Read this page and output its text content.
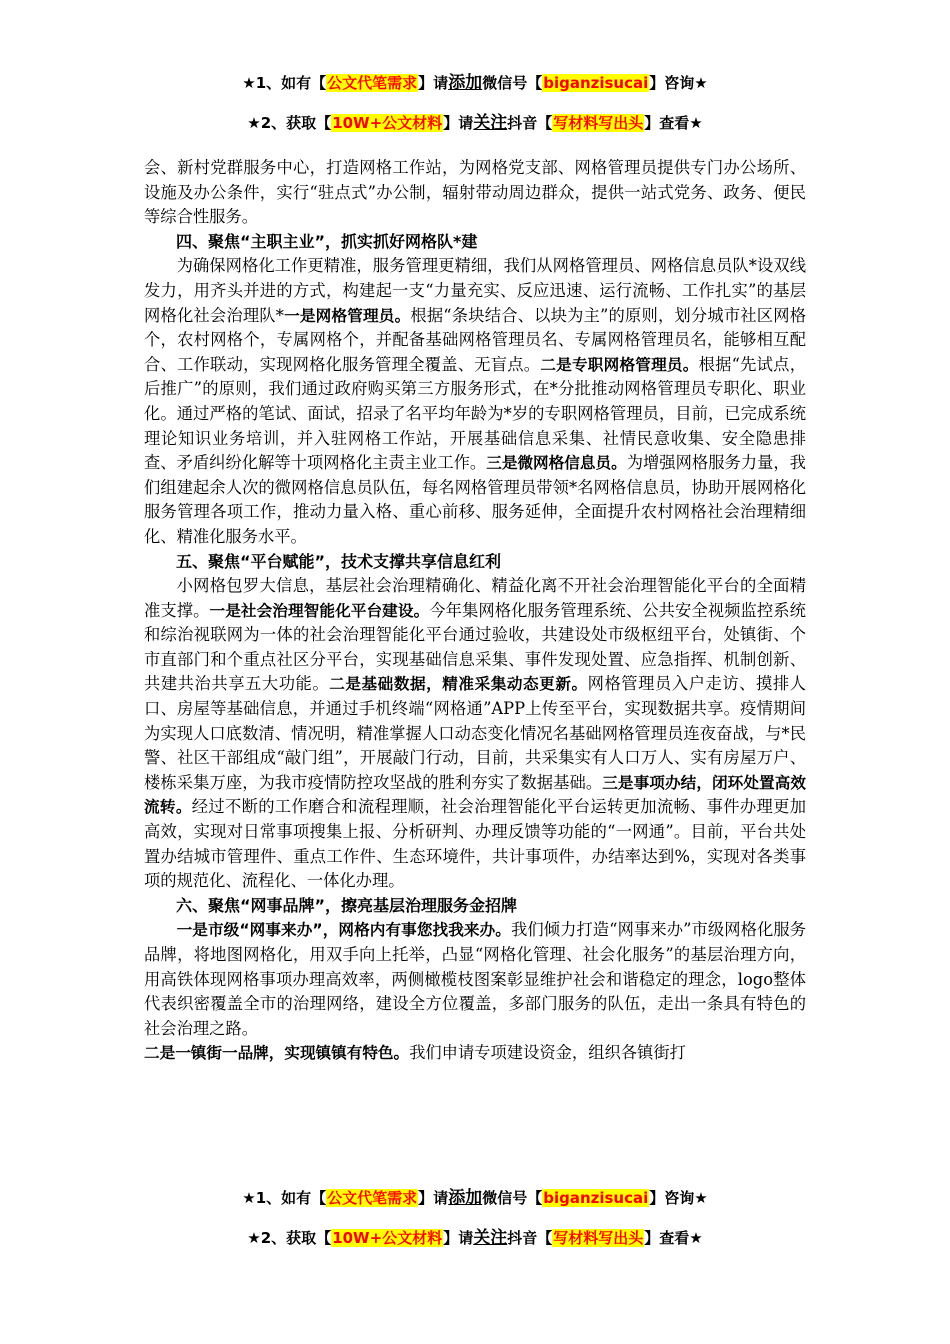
★1、如有【公文代笔需求】请添加微信号【biganzisucai】咨询★
★2、获取【10W+公文材料】请关注抖音【写材料写出头】查看★

会、新村党群服务中心，打造网格工作站，为网格党支部、网格管理员提供专门办公场所、设施及办公条件，实行“驻点式”办公制，辐射带动周边群众，提供一站式党务、政务、便民等综合性服务。

四、聚焦“主职主业”，抓实抓好网格队*建

为确保网格化工作更精准，服务管理更精细，我们从网格管理员、网格信息员队*设双线发力，用齐头并进的方式，构建起一支“力量充实、反应迅速、运行流畅、工作扎实”的基层网格化社会治理队*一是网格管理员。根据“条块结合、以块为主”的原则，划分城市社区网格个，农村网格个，专属网格个，并配备基础网格管理员名、专属网格管理员名，能够相互配合、工作联动，实现网格化服务管理全覆盖、无盲点。二是专职网格管理员。根据“先试点，后推广”的原则，我们通过政府购买第三方服务形式，在*分批推动网格管理员专职化、职业化。通过严格的笔试、面试，招录了名平均年龄为*岁的专职网格管理员，目前，已完成系统理论知识业务培训，并入驻网格工作站，开展基础信息采集、社情民意收集、安全隐患排查、矛盾纠纷化解等十项网格化主责主业工作。三是微网格信息员。为增强网格服务力量，我们组建起余人次的微网格信息员队伍，每名网格管理员带领*名网格信息员，协助开展网格化服务管理各项工作，推动力量入格、重心前移、服务延伸，全面提升农村网格社会治理精细化、精准化服务水平。

五、聚焦“平台赋能”，技术支撑共享信息红利

小网格包罗大信息，基层社会治理精确化、精益化离不开社会治理智能化平台的全面精准支撑。一是社会治理智能化平台建设。今年集网格化服务管理系统、公共安全视频监控系统和综治视联网为一体的社会治理智能化平台通过验收，共建设处市级枢纽平台，处镇街、个市直部门和个重点社区分平台，实现基础信息采集、事件发现处置、应急指挥、机制创新、共建共治共享五大功能。二是基础数据，精准采集动态更新。网格管理员入户走访、摸排人口、房屋等基础信息，并通过手机终端“网格通”APP上传至平台，实现数据共享。疫情期间为实现人口底数清、情况明，精准掌握人口动态变化情况名基础网格管理员连夜奋战，与*民警、社区干部组成“敲门组”，开展敲门行动，目前，共采集实有人口万人、实有房屋万户、楼栋采集万座，为我市疫情防控攻坚战的胜利夯实了数据基础。三是事项办结，闭环处置高效流转。经过不断的工作磨合和流程理顺，社会治理智能化平台运转更加流畅、事件办理更加高效，实现对日常事项搜集上报、分析研判、办理反馈等功能的“一网通”。目前，平台共处置办结城市管理件、重点工作件、生态环境件，共计事项件，办结率达到%，实现对各类事项的规范化、流程化、一体化办理。

六、聚焦“网事品牌”，擦亮基层治理服务金招牌

一是市级“网事来办”，网格内有事您找我来办。我们倾力打造“网事来办”市级网格化服务品牌，将地图网格化，用双手向上托举，凸显“网格化管理、社会化服务”的基层治理方向，用高铁体现网格事项办理高效率，两侧橄榄枝图案彰显维护社会和谐稳定的理念，logo整体代表织密覆盖全市的治理网络，建设全方位覆盖，多部门服务的队伍，走出一条具有特色的社会治理之路。

二是一镇街一品牌，实现镇镇有特色。我们申请专项建设资金，组织各镇街打

★1、如有【公文代笔需求】请添加微信号【biganzisucai】咨询★
★2、获取【10W+公文材料】请关注抖音【写材料写出头】查看★
